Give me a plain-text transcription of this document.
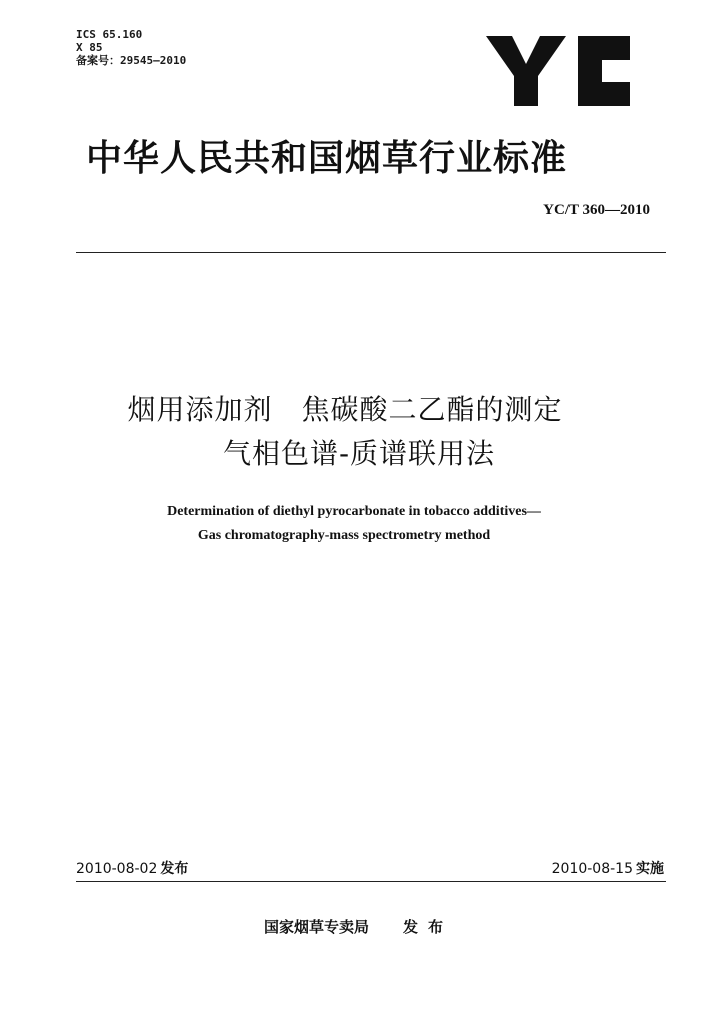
ICS 65.160
X 85
备案号：29545—2010
中华人民共和国烟草行业标准
YC/T 360—2010
烟用添加剂　焦碳酸二乙酯的测定
气相色谱-质谱联用法
Determination of diethyl pyrocarbonate in tobacco additives—
Gas chromatography-mass spectrometry method
2010-08-02 发布	2010-08-15 实施
国家烟草专卖局 发布
